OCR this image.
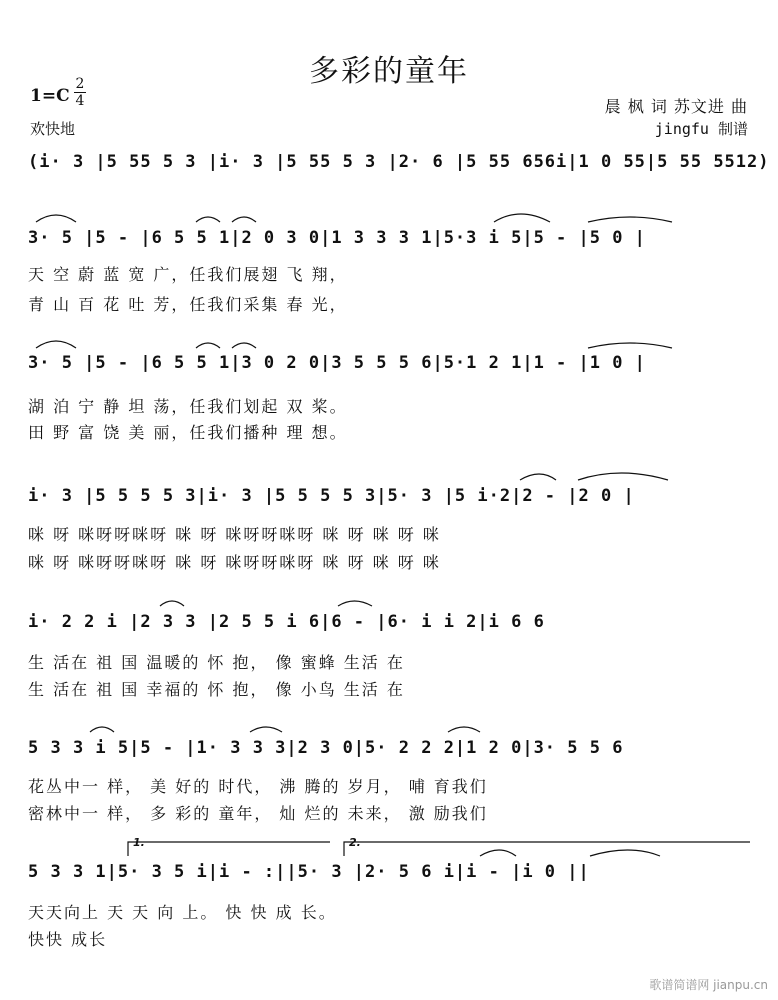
多彩的童年
1=C
2
4
欢快地
晨 枫 词 苏文进 曲
jingfu 制谱
(i· 3 |5 55 5 3 |i· 3 |5 55 5 3 |2· 6 |5 55 656i|1 0 55|5 55 5512)
3· 5 |5 - |6 5 5 1|2 0 3 0|1 3 3 3 1|5·3 i 5|5 - |5 0 |
天 空 蔚 蓝 宽 广，任我们展翅 飞 翔，
青 山 百 花 吐 芳，任我们采集 春 光，
3· 5 |5 - |6 5 5 1|3 0 2 0|3 5 5 5 6|5·1 2 1|1 - |1 0 |
湖 泊 宁 静 坦 荡，任我们划起 双 桨。
田 野 富 饶 美 丽，任我们播种 理 想。
i· 3 |5 5 5 5 3|i· 3 |5 5 5 5 3|5· 3 |5 i·2|2 - |2 0 |
咪 呀 咪呀呀咪呀 咪 呀 咪呀呀咪呀 咪 呀 咪 呀 咪
咪 呀 咪呀呀咪呀 咪 呀 咪呀呀咪呀 咪 呀 咪 呀 咪
i· 2 2 i |2 3 3 |2 5 5 i 6|6 - |6· i i 2|i 6 6
生 活在 祖 国 温暖的 怀 抱， 像 蜜蜂 生活 在
生 活在 祖 国 幸福的 怀 抱， 像 小鸟 生活 在
5 3 3 i 5|5 - |1· 3 3 3|2 3 0|5· 2 2 2|1 2 0|3· 5 5 6
花丛中一 样， 美 好的 时代， 沸 腾的 岁月， 哺 育我们
密林中一 样， 多 彩的 童年， 灿 烂的 未来， 激 励我们
1.	2.
5 3 3 1|5· 3 5 i|i - :||5· 3 |2· 5 6 i|i - |i 0 ||
天天向上 天 天 向 上。 快 快 成 长。
快快 成长
歌谱简谱网 jianpu.cn
